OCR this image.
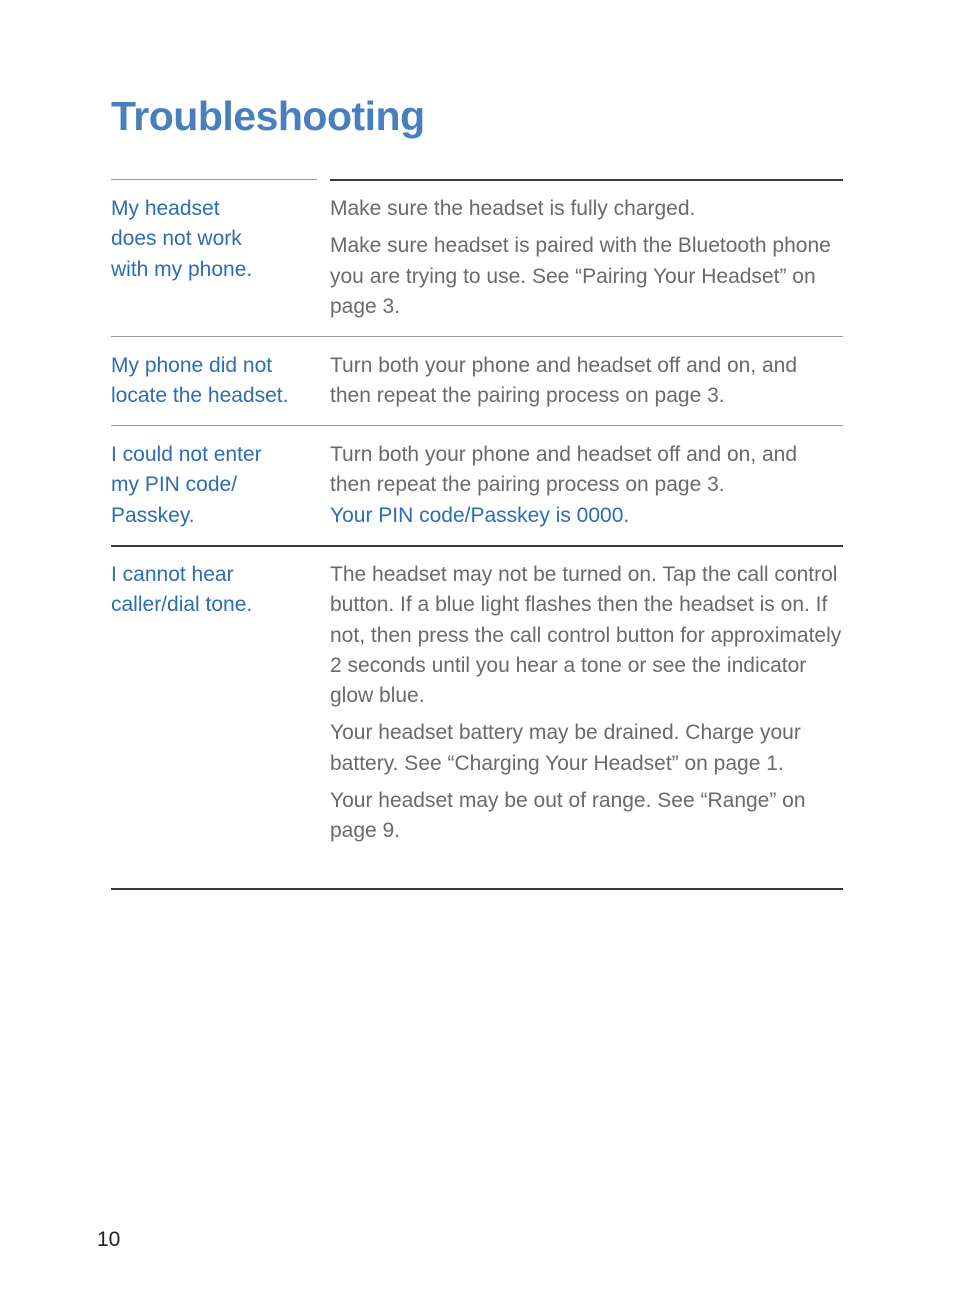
Troubleshooting
My headset
does not work
with my phone.

Make sure the headset is fully charged.

Make sure headset is paired with the Bluetooth phone you are trying to use. See “Pairing Your Headset” on page 3.

My phone did not
locate the headset.

Turn both your phone and headset off and on, and then repeat the pairing process on page 3.

I could not enter
my PIN code/
Passkey.

Turn both your phone and headset off and on, and then repeat the pairing process on page 3.

Your PIN code/Passkey is 0000.

I cannot hear
caller/dial tone.

The headset may not be turned on. Tap the call control button. If a blue light flashes then the headset is on. If not, then press the call control button for approximately 2 seconds until you hear a tone or see the indicator glow blue.

Your headset battery may be drained. Charge your battery. See “Charging Your Headset” on page 1.

Your headset may be out of range. See “Range” on page 9.

10
